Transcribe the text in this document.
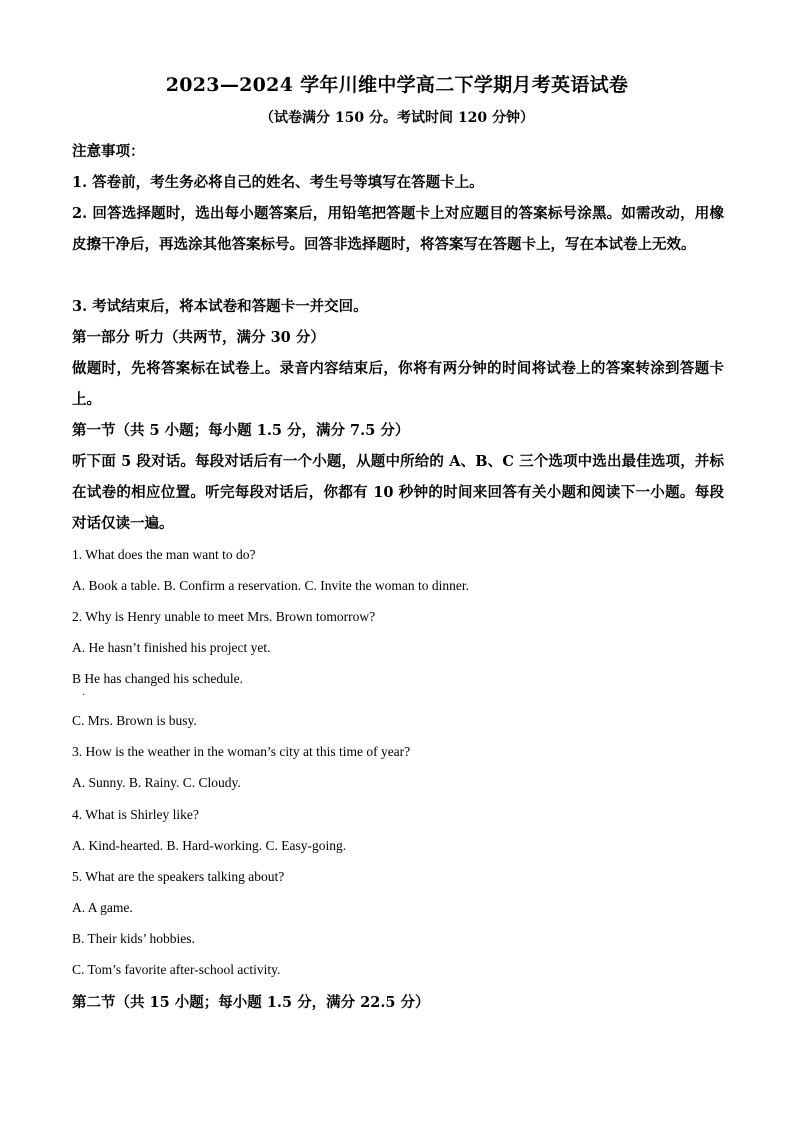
2023—2024 学年川维中学高二下学期月考英语试卷
（试卷满分 150 分。考试时间 120 分钟）
注意事项：
1. 答卷前，考生务必将自己的姓名、考生号等填写在答题卡上。
2. 回答选择题时，选出每小题答案后，用铅笔把答题卡上对应题目的答案标号涂黑。如需改动，用橡皮擦干净后，再选涂其他答案标号。回答非选择题时，将答案写在答题卡上，写在本试卷上无效。
3. 考试结束后，将本试卷和答题卡一并交回。
第一部分 听力（共两节，满分 30 分）
做题时，先将答案标在试卷上。录音内容结束后，你将有两分钟的时间将试卷上的答案转涂到答题卡上。
第一节（共 5 小题；每小题 1.5 分，满分 7.5 分）
听下面 5 段对话。每段对话后有一个小题，从题中所给的 A、B、C 三个选项中选出最佳选项，并标在试卷的相应位置。听完每段对话后，你都有 10 秒钟的时间来回答有关小题和阅读下一小题。每段对话仅读一遍。
1. What does the man want to do?
A. Book a table. B. Confirm a reservation. C. Invite the woman to dinner.
2. Why is Henry unable to meet Mrs. Brown tomorrow?
A. He hasn’t finished his project yet.
B He has changed his schedule.
·
C. Mrs. Brown is busy.
3. How is the weather in the woman’s city at this time of year?
A. Sunny. B. Rainy. C. Cloudy.
4. What is Shirley like?
A. Kind-hearted. B. Hard-working. C. Easy-going.
5. What are the speakers talking about?
A. A game.
B. Their kids’ hobbies.
C. Tom’s favorite after-school activity.
第二节（共 15 小题；每小题 1.5 分，满分 22.5 分）
